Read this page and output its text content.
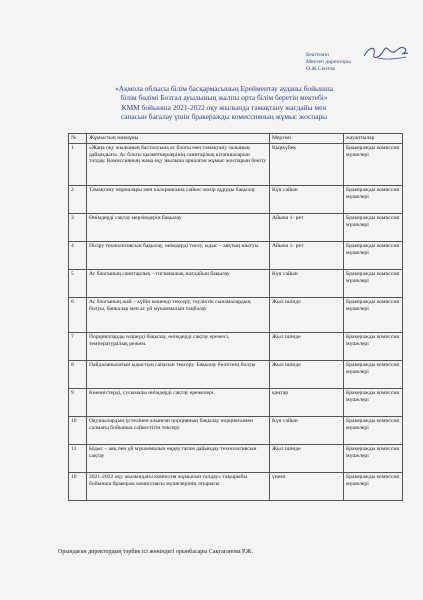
Бекітемін
Мектеп директоры
Ө.Ж.Сеитов
«Ақмола облысы білім басқармасының Ерейментау ауданы бойынша
білім бөлімі Бозтал ауылының жалпы орта білім беретін мектебі»
КММ бойынша 2021-2022 оқу жылында тамақтану жағдайы мен
сапасын бағалау үшін бракеражды комиссияның жұмыс жоспары
№	Жұмыстың мазмұны	Мерзімі	жауаптылар
1	«Жаңа оқу жылының басталуына ас блогы мен тамақтану залының дайындығы. Ас блогы қызметкерлерінің санитарлық кітапшаларын талдау. Комиссияның жаңа оқу жылына арналған жұмыс жоспарын бекіту	Қыркүйек	Бракеражды комиссия мүшелері
2	Тамақтану нормалары мен калориясына сәйкес мәзір құруды бақылау	Күн сайын	Бракеражды комиссия мүшелері
3	Өнімдерді сақтау мерзімдерін бақылау	Айына 1- рет	Бракеражды комиссия мүшелері
4	Пісіру технологиясын бақылау, өнімдерді төсеу, ыдыс – аяқтың шығуы	Айына 1- рет	Бракеражды комиссия мүшелері
5	Ас блогының санитарлық – гигиеналық жағдайын бақылау	Күн сайын	Бракеражды комиссия мүшелері
6	Ас блогының жай – күйін кешенді тексеру, тәуліктік сынамалардың болуы, банкалар мен ас үй мүкаммалын таңбалау	Жыл ішінде	Бракеражды комиссия мүшелері
7	Порциялларды өлшеуді бақылау, өнімдерді сақтау ережесі, температуралық режим.	Жыл ішінде	Бракеражды комиссия мүшелері
8	Пайдаланылатын ыдыстың сапасын тексеру. Бақылау бөлігінің болуы	Жыл ішінде	Бракеражды комиссия мүшелері
9	Көкөністерді, сусымалы өнімдерді сақтау ережелері.	қаңтар	Бракеражды комиссия мүшелері
10	Оқушылардың үстелінен алынған порцияның бақылау порциясымен салмағы бойынша сәйкестігін тексеру	Күн сайын	Бракеражды комиссия мүшелері
11	Ыдыс – аяқ пен үй мүкаммалын өңдеу.тағам дайындау технологиясын сақтау	Жыл ішінде	Бракеражды комиссия мүшелері
10	2021-2022 оқу жылындағы комиссия жұмысын талдау» тақырыбы бойынша бракераж комиссиясы мүшелерінің отырысы	үнемі	Бракеражды комиссия мүшелері
Орындаған директордың тәрбие ісі жөніндегі орынбасары Сақтағанова Р.Ж.
